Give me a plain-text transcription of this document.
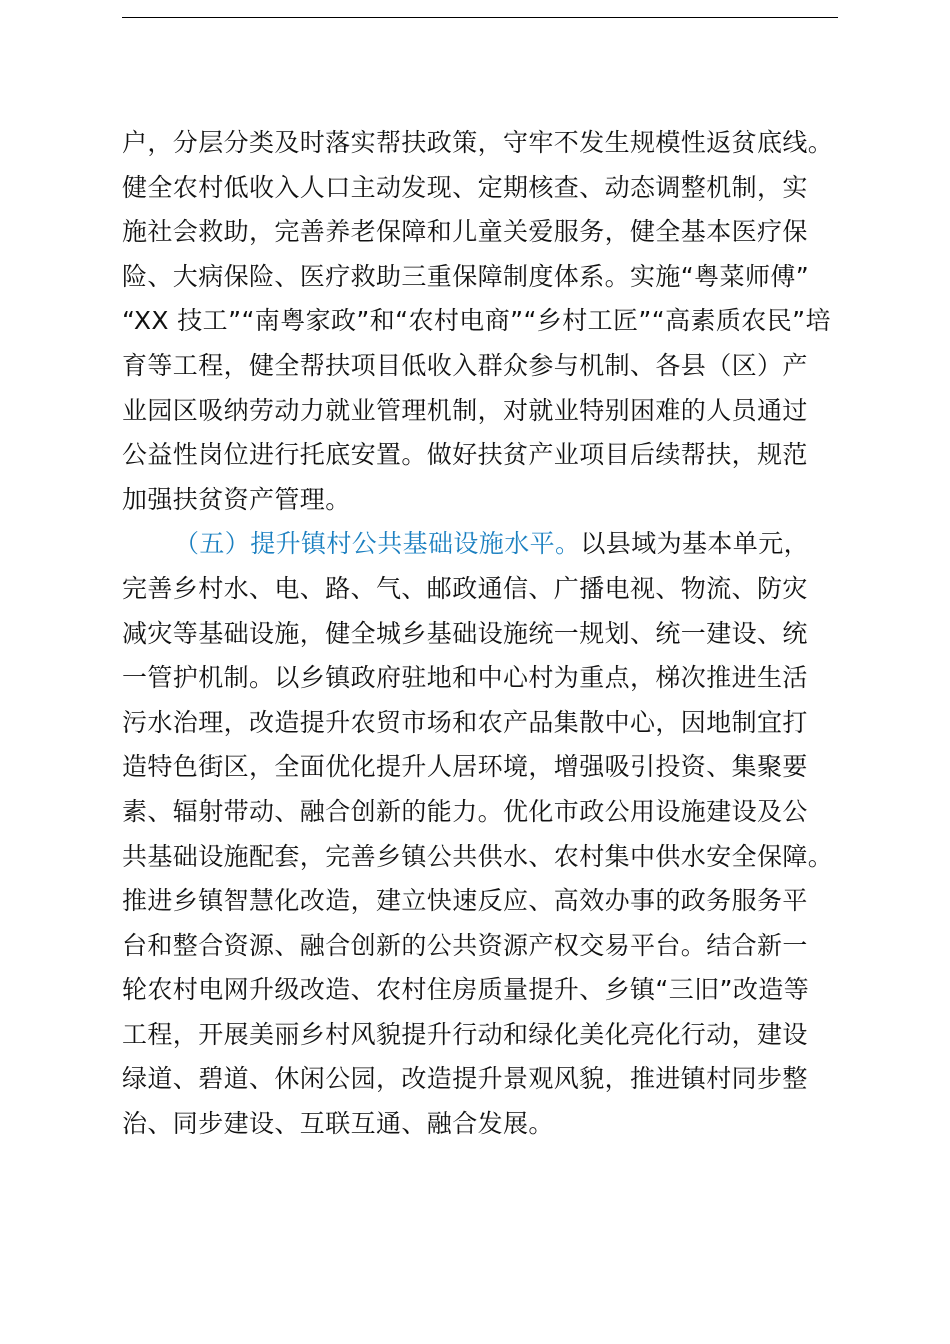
户，分层分类及时落实帮扶政策，守牢不发生规模性返贫底线。
健全农村低收入人口主动发现、定期核查、动态调整机制，实
施社会救助，完善养老保障和儿童关爱服务，健全基本医疗保
险、大病保险、医疗救助三重保障制度体系。实施“粤菜师傅”
“XX 技工”“南粤家政”和“农村电商”“乡村工匠”“高素质农民”培
育等工程，健全帮扶项目低收入群众参与机制、各县（区）产
业园区吸纳劳动力就业管理机制，对就业特别困难的人员通过
公益性岗位进行托底安置。做好扶贫产业项目后续帮扶，规范
加强扶贫资产管理。
（五）提升镇村公共基础设施水平。以县域为基本单元，
完善乡村水、电、路、气、邮政通信、广播电视、物流、防灾
减灾等基础设施，健全城乡基础设施统一规划、统一建设、统
一管护机制。以乡镇政府驻地和中心村为重点，梯次推进生活
污水治理，改造提升农贸市场和农产品集散中心，因地制宜打
造特色街区，全面优化提升人居环境，增强吸引投资、集聚要
素、辐射带动、融合创新的能力。优化市政公用设施建设及公
共基础设施配套，完善乡镇公共供水、农村集中供水安全保障。
推进乡镇智慧化改造，建立快速反应、高效办事的政务服务平
台和整合资源、融合创新的公共资源产权交易平台。结合新一
轮农村电网升级改造、农村住房质量提升、乡镇“三旧”改造等
工程，开展美丽乡村风貌提升行动和绿化美化亮化行动，建设
绿道、碧道、休闲公园，改造提升景观风貌，推进镇村同步整
治、同步建设、互联互通、融合发展。
